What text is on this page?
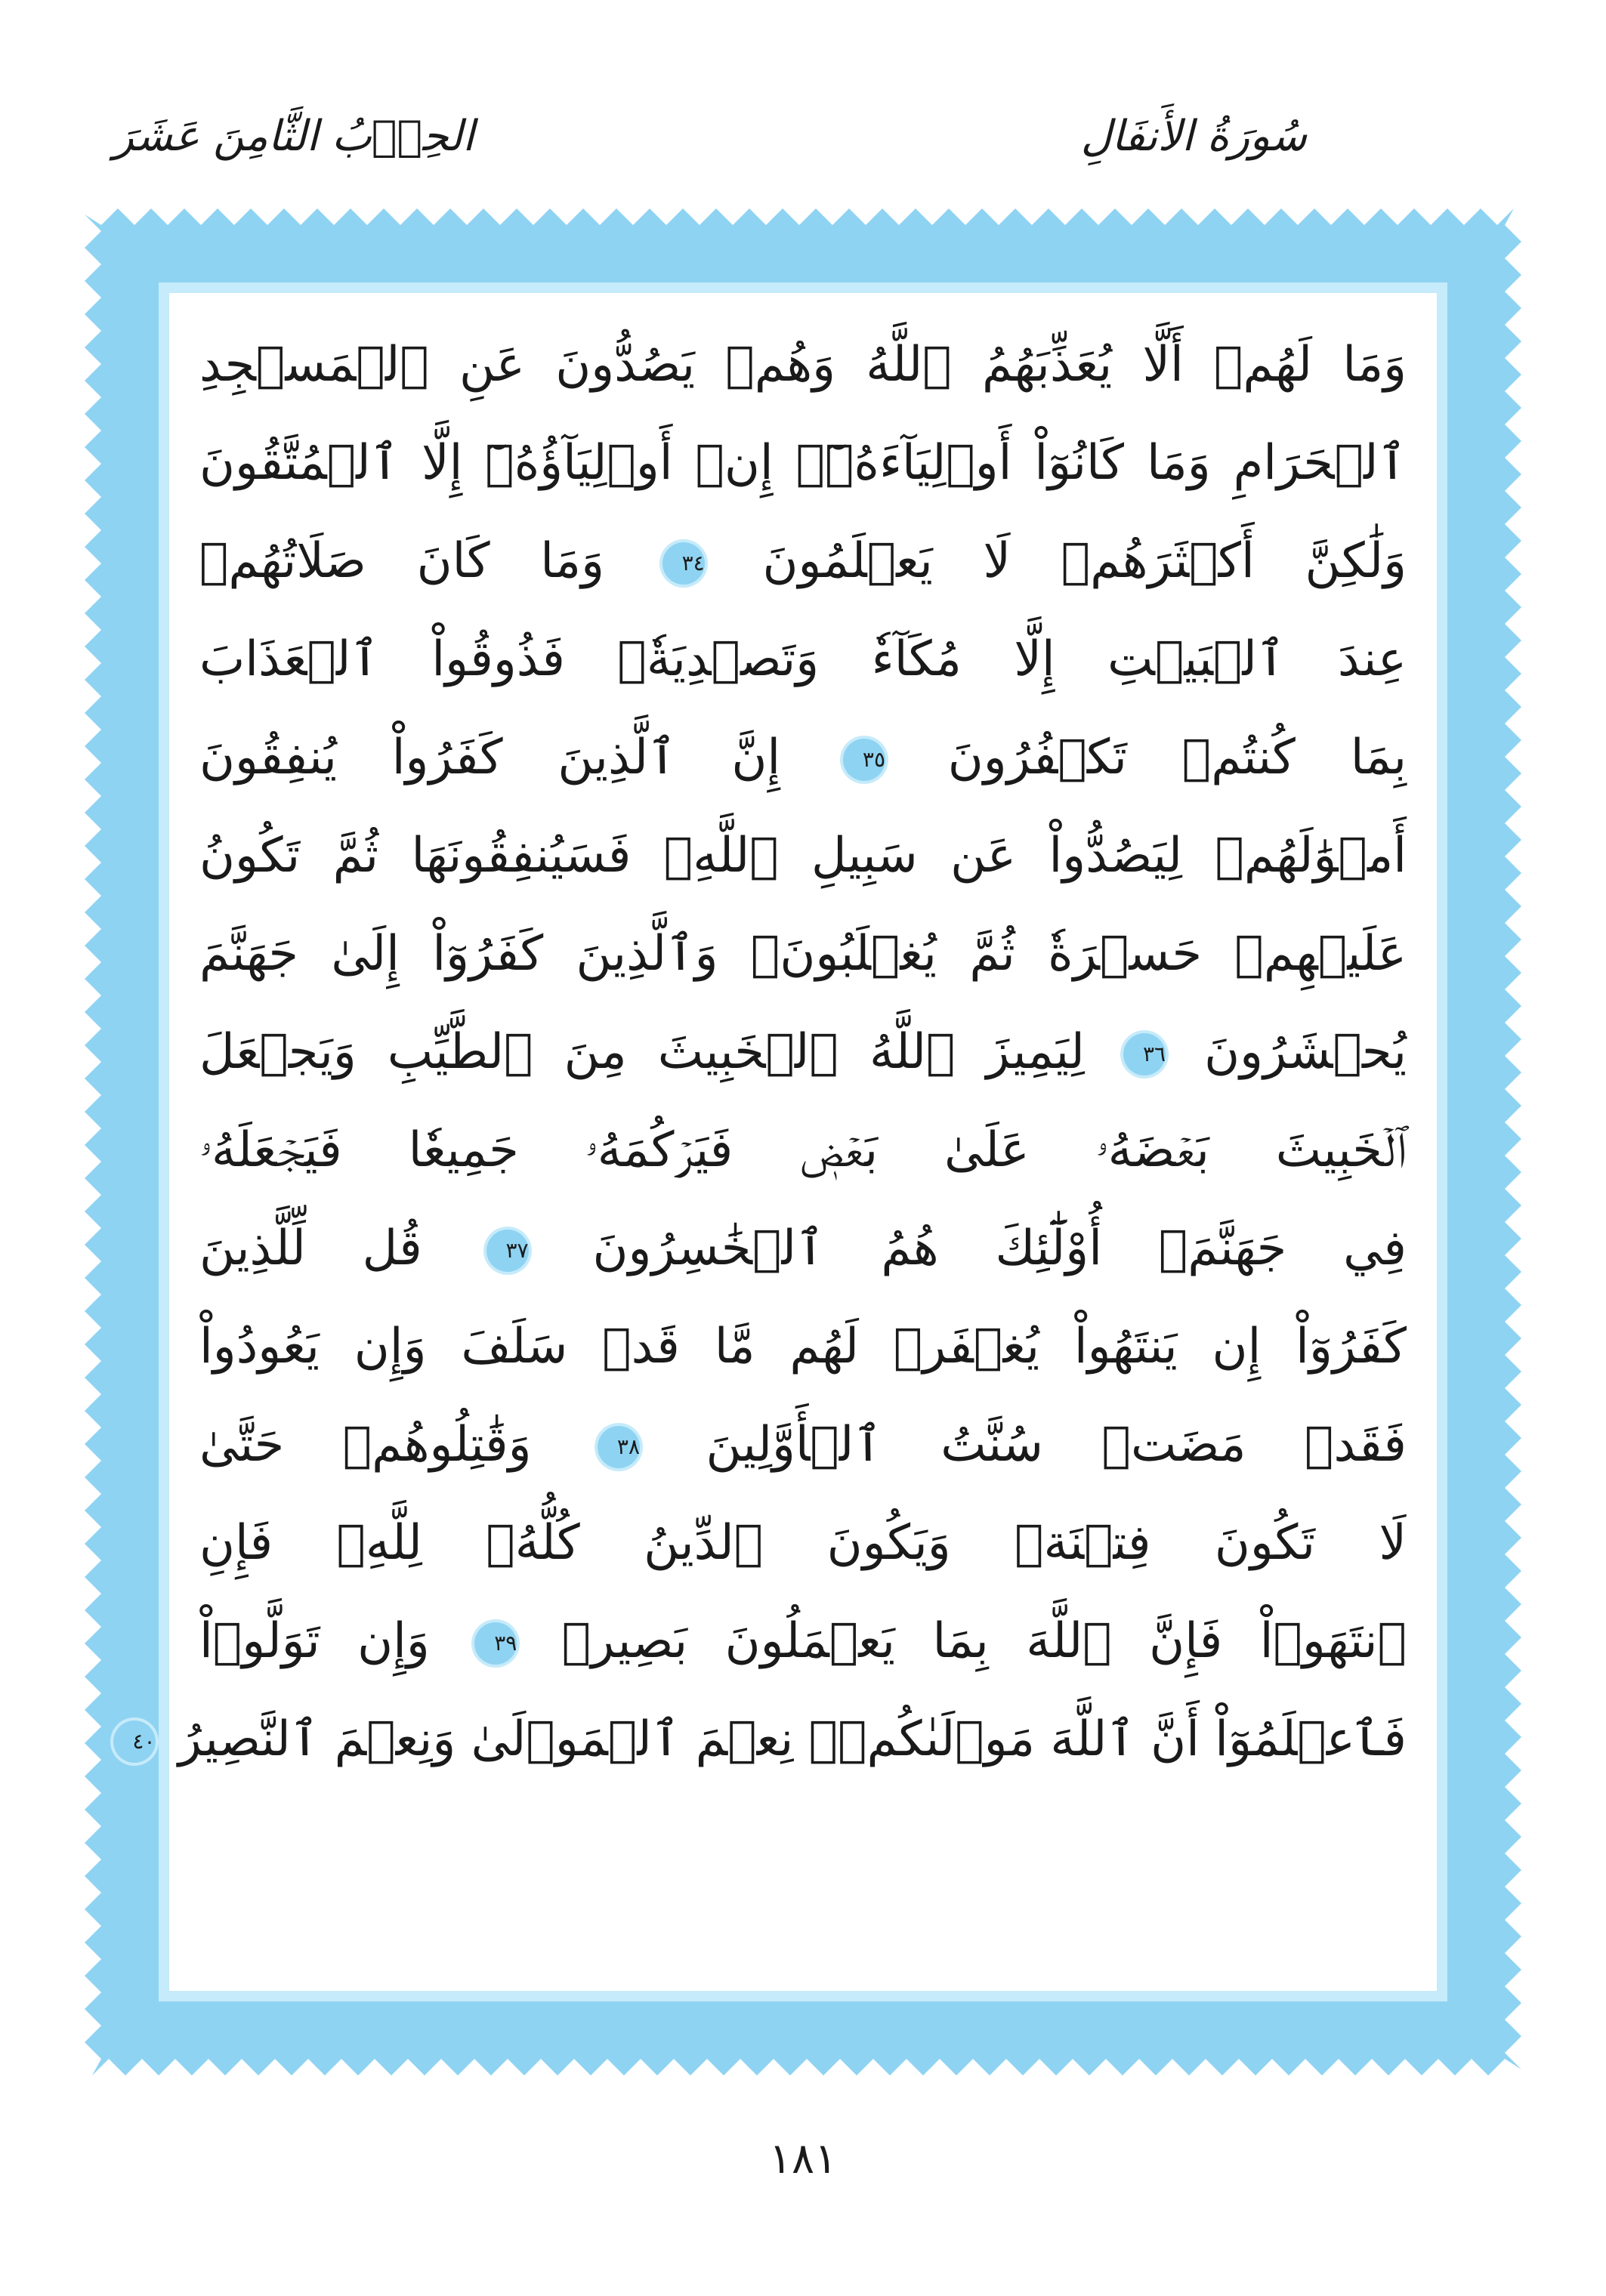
سُورَةُ الأَنفَالِ
الحِزۡبُ الثَّامِنَ عَشَرَ
وَمَا لَهُمۡ أَلَّا يُعَذِّبَهُمُ ٱللَّهُ وَهُمۡ يَصُدُّونَ عَنِ ٱلۡمَسۡجِدِ
ٱلۡحَرَامِ وَمَا كَانُوٓاْ أَوۡلِيَآءَهُۥٓۚ إِنۡ أَوۡلِيَآؤُهُۥٓ إِلَّا ٱلۡمُتَّقُونَ
وَلَٰكِنَّ أَكۡثَرَهُمۡ لَا يَعۡلَمُونَ ٣٤ وَمَا كَانَ صَلَاتُهُمۡ
عِندَ ٱلۡبَيۡتِ إِلَّا مُكَآءٗ وَتَصۡدِيَةٗۚ فَذُوقُواْ ٱلۡعَذَابَ
بِمَا كُنتُمۡ تَكۡفُرُونَ ٣٥ إِنَّ ٱلَّذِينَ كَفَرُواْ يُنفِقُونَ
أَمۡوَٰلَهُمۡ لِيَصُدُّواْ عَن سَبِيلِ ٱللَّهِۚ فَسَيُنفِقُونَهَا ثُمَّ تَكُونُ
عَلَيۡهِمۡ حَسۡرَةٗ ثُمَّ يُغۡلَبُونَۗ وَٱلَّذِينَ كَفَرُوٓاْ إِلَىٰ جَهَنَّمَ
يُحۡشَرُونَ ٣٦ لِيَمِيزَ ٱللَّهُ ٱلۡخَبِيثَ مِنَ ٱلطَّيِّبِ وَيَجۡعَلَ
ٱلۡخَبِيثَ بَعۡضَهُۥ عَلَىٰ بَعۡضٖ فَيَرۡكُمَهُۥ جَمِيعٗا فَيَجۡعَلَهُۥ
فِي جَهَنَّمَۚ أُوْلَٰٓئِكَ هُمُ ٱلۡخَٰسِرُونَ ٣٧ قُل لِّلَّذِينَ
كَفَرُوٓاْ إِن يَنتَهُواْ يُغۡفَرۡ لَهُم مَّا قَدۡ سَلَفَ وَإِن يَعُودُواْ
فَقَدۡ مَضَتۡ سُنَّتُ ٱلۡأَوَّلِينَ ٣٨ وَقَٰتِلُوهُمۡ حَتَّىٰ
لَا تَكُونَ فِتۡنَةٞ وَيَكُونَ ٱلدِّينُ كُلُّهُۥ لِلَّهِۚ فَإِنِ
ٱنتَهَوۡاْ فَإِنَّ ٱللَّهَ بِمَا يَعۡمَلُونَ بَصِيرٞ ٣٩ وَإِن تَوَلَّوۡاْ
فَٱعۡلَمُوٓاْ أَنَّ ٱللَّهَ مَوۡلَىٰكُمۡۚ نِعۡمَ ٱلۡمَوۡلَىٰ وَنِعۡمَ ٱلنَّصِيرُ ٤٠
١٨١
